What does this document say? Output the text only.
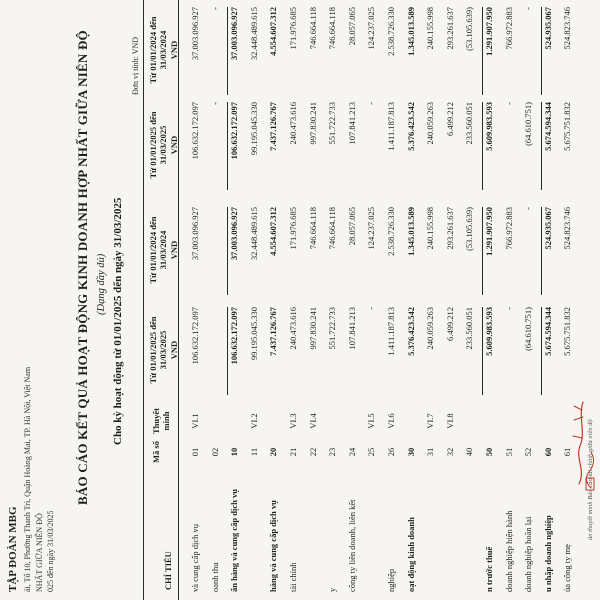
TẬP ĐOÀN MBG ải, Tổ 10, Phường Thanh Trì, Quận Hoàng Mai, TP. Hà Nội, Việt Nam NHẤT GIỮA NIÊN ĐỘ 025 đến ngày 31/03/2025
BÁO CÁO KẾT QUẢ HOẠT ĐỘNG KINH DOANH HỢP NHẤT GIỮA NIÊN ĐỘ (Dạng đầy đủ) Cho kỳ hoạt động từ 01/01/2025 đến ngày 31/03/2025
Đơn vị tính: VND
CHỈ TIÊU
Mã số
Thuyết minh
Từ 01/01/2025 đến 31/03/2025 VND
Từ 01/01/2024 đến 31/03/2024 VND
Từ 01/01/2025 đến 31/03/2025 VND
Từ 01/01/2024 đến 31/03/2024 VND
và cung cấp dịch vụ
01
VI.1
106.632.172.097
37.003.096.927
106.632.172.097
37.003.096.927
oanh thu
02
-
-
ấn hàng và cung cấp dịch vụ
10
106.632.172.097
37.003.096.927
106.632.172.097
37.003.096.927
11
VI.2
99.195.045.330
32.448.489.615
99.195.045.330
32.448.489.615
hàng và cung cấp dịch vụ
20
7.437.126.767
4.554.607.312
7.437.126.767
4.554.607.312
tài chính
21
VI.3
240.473.616
171.976.685
240.473.616
171.976.685
22
VI.4
997.830.241
746.664.118
997.830.241
746.664.118
y
23
551.722.733
746.664.118
551.722.733
746.664.118
công ty liên doanh, liên kết
24
107.841.213
28.057.065
107.841.213
28.057.065
25
VI.5
-
124.237.025
-
124.237.025
nghiệp
26
VI.6
1.411.187.813
2.538.726.330
1.411.187.813
2.538.726.330
oạt động kinh doanh
30
5.376.423.542
1.345.013.589
5.376.423.542
1.345.013.589
31
VI.7
240.059.263
240.155.998
240.059.263
240.155.998
32
VI.8
6.499.212
293.261.637
6.499.212
293.261.637
40
233.560.051
(53.105.639)
233.560.051
(53.105.639)
n trước thuế
50
5.609.983.593
1.291.907.950
5.609.983.593
1.291.907.950
doanh nghiệp hiện hành
51
-
766.972.883
-
766.972.883
doanh nghiệp hoãn lại
52
(64.610.751)
-
(64.610.751)
-
u nhập doanh nghiệp
60
5.674.594.344
524.935.067
5.674.594.344
524.935.067
ủa công ty mẹ
61
5.675.751.832
524.823.746
5.675.751.832
524.823.746
ản thuyết minh Báo cáo tài chính giữa niên độ
